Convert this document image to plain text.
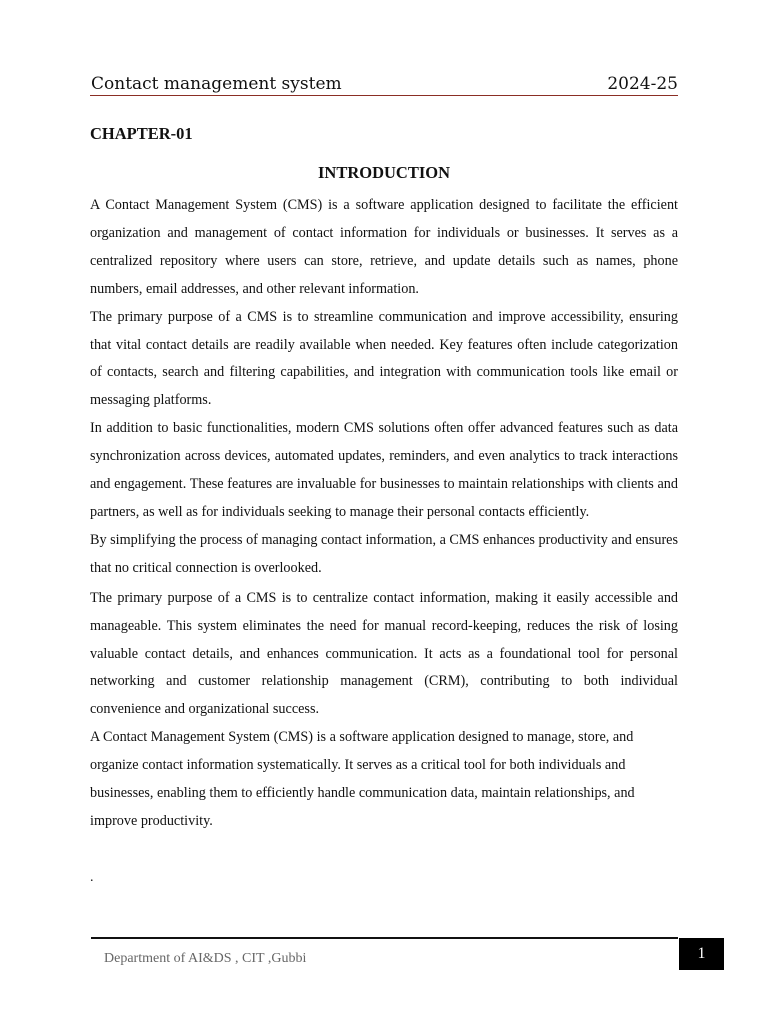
Contact management system	2024-25
CHAPTER-01
INTRODUCTION

A Contact Management System (CMS) is a software application designed to facilitate the efficient organization and management of contact information for individuals or businesses. It serves as a centralized repository where users can store, retrieve, and update details such as names, phone numbers, email addresses, and other relevant information.

The primary purpose of a CMS is to streamline communication and improve accessibility, ensuring that vital contact details are readily available when needed. Key features often include categorization of contacts, search and filtering capabilities, and integration with communication tools like email or messaging platforms.

In addition to basic functionalities, modern CMS solutions often offer advanced features such as data synchronization across devices, automated updates, reminders, and even analytics to track interactions and engagement. These features are invaluable for businesses to maintain relationships with clients and partners, as well as for individuals seeking to manage their personal contacts efficiently.

By simplifying the process of managing contact information, a CMS enhances productivity and ensures that no critical connection is overlooked.

The primary purpose of a CMS is to centralize contact information, making it easily accessible and manageable. This system eliminates the need for manual record-keeping, reduces the risk of losing valuable contact details, and enhances communication. It acts as a foundational tool for personal networking and customer relationship management (CRM), contributing to both individual convenience and organizational success.

A Contact Management System (CMS) is a software application designed to manage, store, and organize contact information systematically. It serves as a critical tool for both individuals and businesses, enabling them to efficiently handle communication data, maintain relationships, and improve productivity.

.
Department of AI&DS , CIT ,Gubbi	1
